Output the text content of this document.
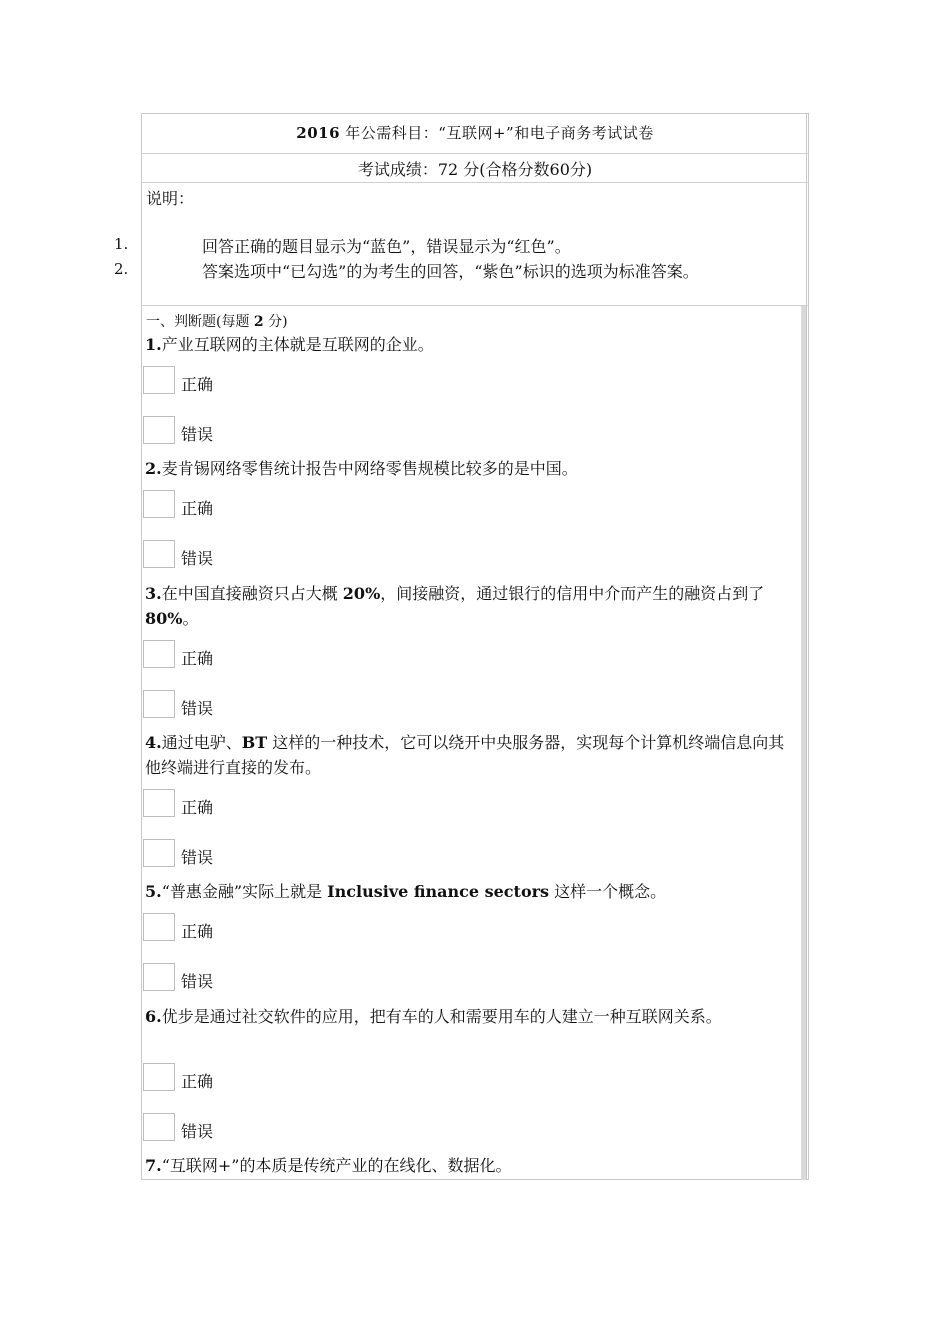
2016 年公需科目：“互联网+”和电子商务考试试卷
考试成绩：72 分(合格分数60分)
说明：
1.	回答正确的题目显示为“蓝色”，错误显示为“红色”。
2.	答案选项中“已勾选”的为考生的回答，“紫色”标识的选项为标准答案。
一、判断题(每题 2 分)
1.产业互联网的主体就是互联网的企业。
正确
错误
2.麦肯锡网络零售统计报告中网络零售规模比较多的是中国。
正确
错误
3.在中国直接融资只占大概 20%，间接融资，通过银行的信用中介而产生的融资占到了 80%。
正确
错误
4.通过电驴、BT 这样的一种技术，它可以绕开中央服务器，实现每个计算机终端信息向其他终端进行直接的发布。
正确
错误
5.“普惠金融”实际上就是 Inclusive finance sectors 这样一个概念。
正确
错误
6.优步是通过社交软件的应用，把有车的人和需要用车的人建立一种互联网关系。
正确
错误
7.“互联网+”的本质是传统产业的在线化、数据化。
